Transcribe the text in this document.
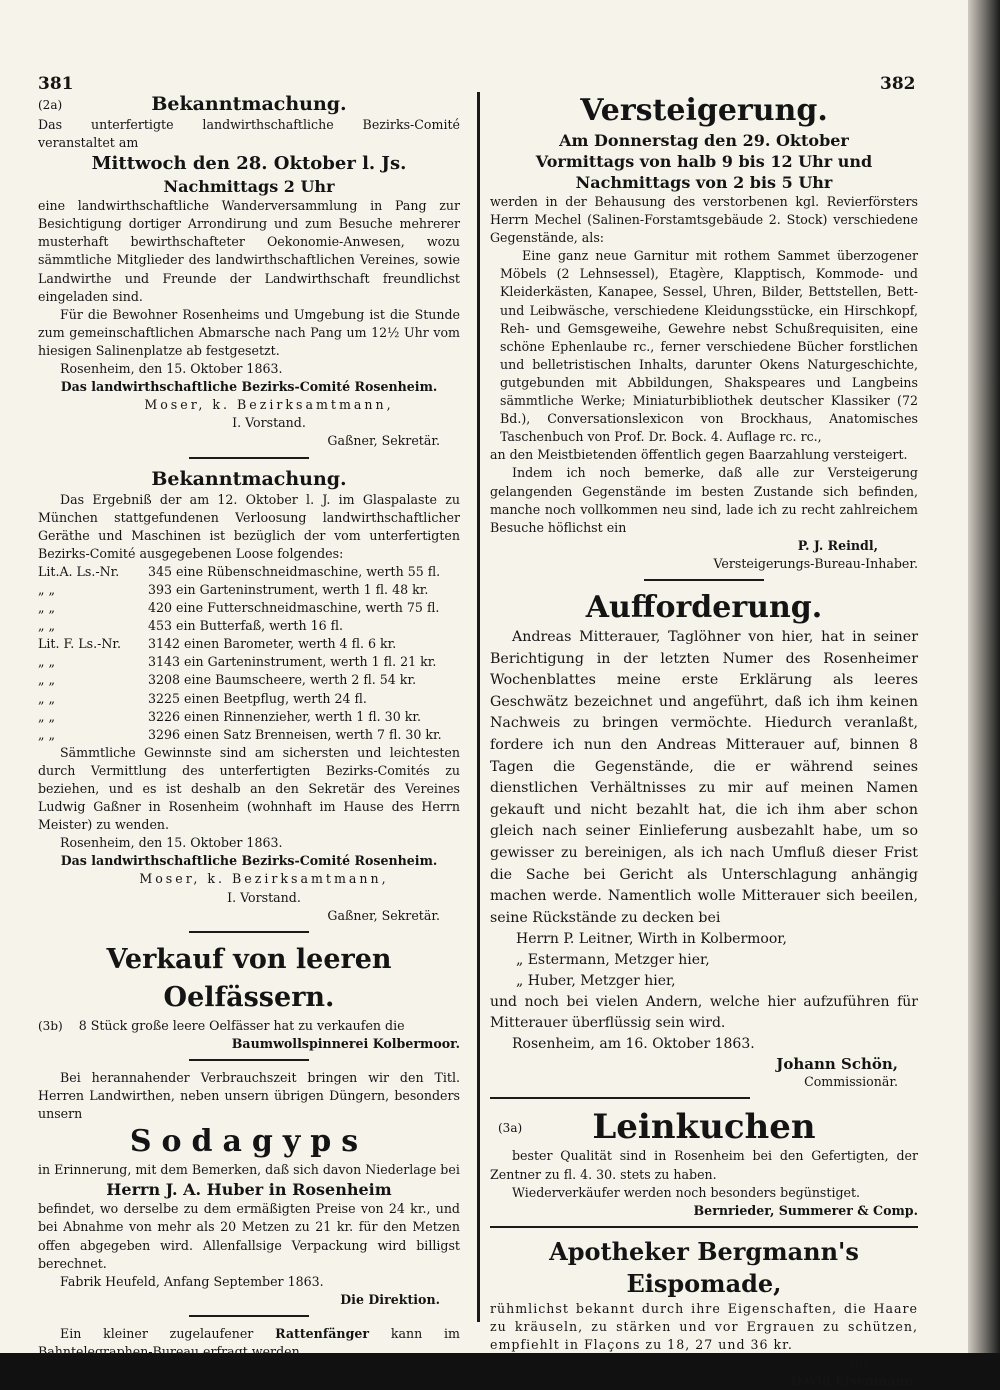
381	382
(2a)	Bekanntmachung.

Das unterfertigte landwirthschaftliche Bezirks-Comité veranstaltet am

Mittwoch den 28. Oktober l. Js.
Nachmittags 2 Uhr

eine landwirthschaftliche Wanderversammlung in Pang zur Besichtigung dortiger Arrondirung und zum Besuche mehrerer musterhaft bewirthschafteter Oekonomie-Anwesen, wozu sämmtliche Mitglieder des landwirthschaftlichen Vereines, sowie Landwirthe und Freunde der Landwirthschaft freundlichst eingeladen sind.

Für die Bewohner Rosenheims und Umgebung ist die Stunde zum gemeinschaftlichen Abmarsche nach Pang um 12½ Uhr vom hiesigen Salinenplatze ab festgesetzt.

Rosenheim, den 15. Oktober 1863.

Das landwirthschaftliche Bezirks-Comité Rosenheim.
Moser, k. Bezirksamtmann,
I. Vorstand.
Gaßner, Sekretär.
Bekanntmachung.

Das Ergebniß der am 12. Oktober l. J. im Glaspalaste zu München stattgefundenen Verloosung landwirthschaftlicher Geräthe und Maschinen ist bezüglich der vom unterfertigten Bezirks-Comité ausgegebenen Loose folgendes:

Lit.A. Ls.-Nr.	345 eine Rübenschneidmaschine, werth 55 fl.
„ „	393 ein Garteninstrument, werth 1 fl. 48 kr.
„ „	420 eine Futterschneidmaschine, werth 75 fl.
„ „	453 ein Butterfaß, werth 16 fl.
Lit. F. Ls.-Nr.	3142 einen Barometer, werth 4 fl. 6 kr.
„ „	3143 ein Garteninstrument, werth 1 fl. 21 kr.
„ „	3208 eine Baumscheere, werth 2 fl. 54 kr.
„ „	3225 einen Beetpflug, werth 24 fl.
„ „	3226 einen Rinnenzieher, werth 1 fl. 30 kr.
„ „	3296 einen Satz Brenneisen, werth 7 fl. 30 kr.

Sämmtliche Gewinnste sind am sichersten und leichtesten durch Vermittlung des unterfertigten Bezirks-Comités zu beziehen, und es ist deshalb an den Sekretär des Vereines Ludwig Gaßner in Rosenheim (wohnhaft im Hause des Herrn Meister) zu wenden.

Rosenheim, den 15. Oktober 1863.

Das landwirthschaftliche Bezirks-Comité Rosenheim.
Moser, k. Bezirksamtmann,
I. Vorstand.
Gaßner, Sekretär.
Verkauf von leeren Oelfässern.

(3b) 8 Stück große leere Oelfässer hat zu verkaufen die

Baumwollspinnerei Kolbermoor.

Bei herannahender Verbrauchszeit bringen wir den Titl. Herren Landwirthen, neben unsern übrigen Düngern, besonders unsern

Sodagyps

in Erinnerung, mit dem Bemerken, daß sich davon Niederlage bei

Herrn J. A. Huber in Rosenheim

befindet, wo derselbe zu dem ermäßigten Preise von 24 kr., und bei Abnahme von mehr als 20 Metzen zu 21 kr. für den Metzen offen abgegeben wird. Allenfallsige Verpackung wird billigst berechnet.

Fabrik Heufeld, Anfang September 1863.

Die Direktion.

Ein kleiner zugelaufener Rattenfänger kann im Bahntelegraphen-Bureau erfragt werden.

Versteigerung.
Am Donnerstag den 29. Oktober
Vormittags von halb 9 bis 12 Uhr und
Nachmittags von 2 bis 5 Uhr

werden in der Behausung des verstorbenen kgl. Revierförsters Herrn Mechel (Salinen-Forstamtsgebäude 2. Stock) verschiedene Gegenstände, als:

Eine ganz neue Garnitur mit rothem Sammet überzogener Möbels (2 Lehnsessel), Etagère, Klapptisch, Kommode- und Kleiderkästen, Kanapee, Sessel, Uhren, Bilder, Bettstellen, Bett- und Leibwäsche, verschiedene Kleidungsstücke, ein Hirschkopf, Reh- und Gemsgeweihe, Gewehre nebst Schußrequisiten, eine schöne Ephenlaube rc., ferner verschiedene Bücher forstlichen und belletristischen Inhalts, darunter Okens Naturgeschichte, gutgebunden mit Abbildungen, Shakspeares und Langbeins sämmtliche Werke; Miniaturbibliothek deutscher Klassiker (72 Bd.), Conversationslexicon von Brockhaus, Anatomisches Taschenbuch von Prof. Dr. Bock. 4. Auflage rc. rc.,

an den Meistbietenden öffentlich gegen Baarzahlung versteigert.

Indem ich noch bemerke, daß alle zur Versteigerung gelangenden Gegenstände im besten Zustande sich befinden, manche noch vollkommen neu sind, lade ich zu recht zahlreichem Besuche höflichst ein

P. J. Reindl,
Versteigerungs-Bureau-Inhaber.
Aufforderung.

Andreas Mitterauer, Taglöhner von hier, hat in seiner Berichtigung in der letzten Numer des Rosenheimer Wochenblattes meine erste Erklärung als leeres Geschwätz bezeichnet und angeführt, daß ich ihm keinen Nachweis zu bringen vermöchte. Hiedurch veranlaßt, fordere ich nun den Andreas Mitterauer auf, binnen 8 Tagen die Gegenstände, die er während seines dienstlichen Verhältnisses zu mir auf meinen Namen gekauft und nicht bezahlt hat, die ich ihm aber schon gleich nach seiner Einlieferung ausbezahlt habe, um so gewisser zu bereinigen, als ich nach Umfluß dieser Frist die Sache bei Gericht als Unterschlagung anhängig machen werde. Namentlich wolle Mitterauer sich beeilen, seine Rückstände zu decken bei

Herrn P. Leitner, Wirth in Kolbermoor,
„ Estermann, Metzger hier,
„ Huber, Metzger hier,

und noch bei vielen Andern, welche hier aufzuführen für Mitterauer überflüssig sein wird.

Rosenheim, am 16. Oktober 1863.

Johann Schön,
Commissionär.
(3a)	Leinkuchen

bester Qualität sind in Rosenheim bei den Gefertigten, der Zentner zu fl. 4. 30. stets zu haben.

Wiederverkäufer werden noch besonders begünstiget.

Bernrieder, Summerer & Comp.
Apotheker Bergmann's Eispomade,

rühmlichst bekannt durch ihre Eigenschaften, die Haare zu kräuseln, zu stärken und vor Ergrauen zu schützen, empfiehlt in Flaçons zu 18, 27 und 36 kr.

(b)
David Eisenmann.
